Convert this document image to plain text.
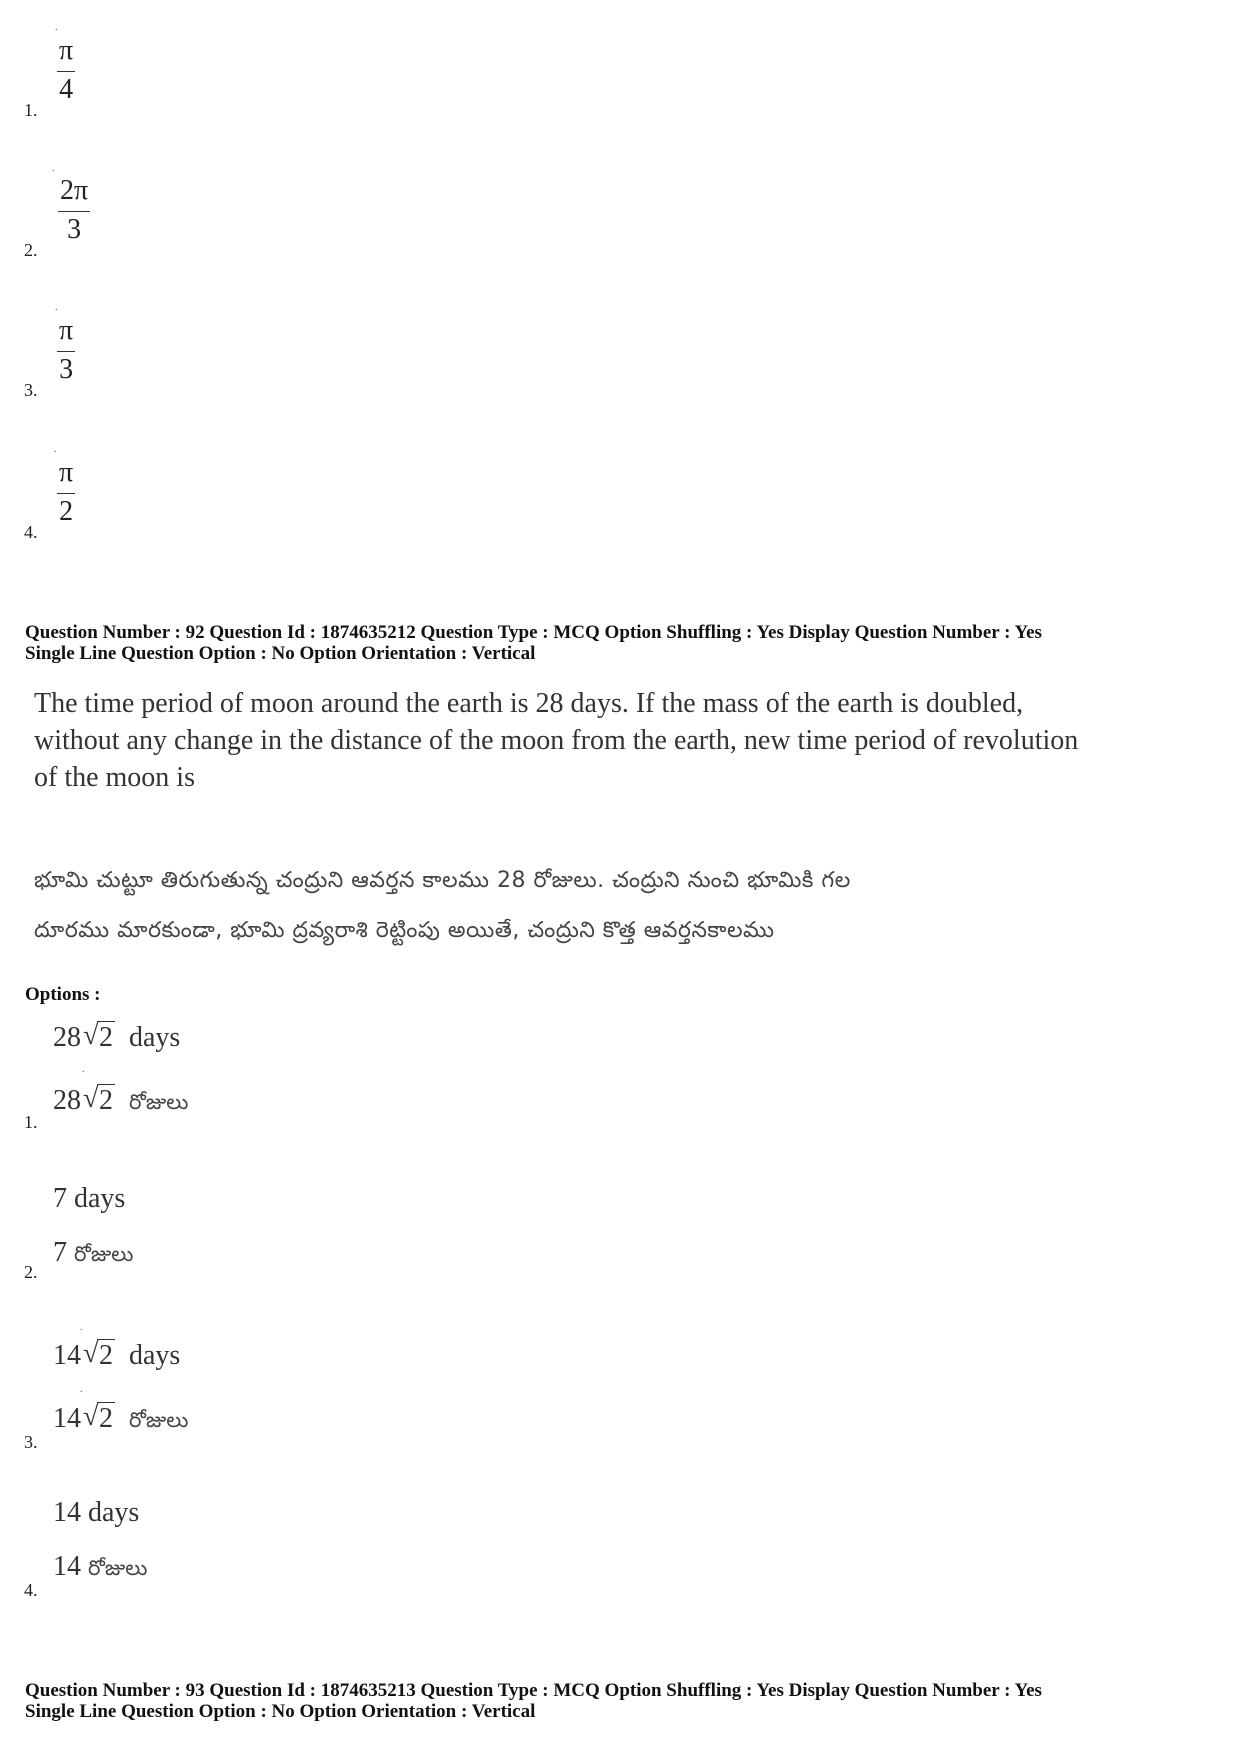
.
π
4
1.
.
2π
3
2.
.
π
3
3.
.
π
2
4.
Question Number : 92 Question Id : 1874635212 Question Type : MCQ Option Shuffling : Yes Display Question Number : Yes
Single Line Question Option : No Option Orientation : Vertical
The time period of moon around the earth is 28 days. If the mass of the earth is doubled,
without any change in the distance of the moon from the earth, new time period of revolution
of the moon is
భూమి చుట్టూ తిరుగుతున్న చంద్రుని ఆవర్తన కాలము 28 రోజులు. చంద్రుని నుంచి భూమికి గల
దూరము మారకుండా, భూమి ద్రవ్యరాశి రెట్టింపు అయితే, చంద్రుని కొత్త ఆవర్తనకాలము
Options :
28 √ 2 days
.
28 √ 2 రోజులు
1.
7 days
7 రోజులు
2.
.
14 √ 2 days
.
14 √ 2 రోజులు
3.
14 days
14 రోజులు
4.
Question Number : 93 Question Id : 1874635213 Question Type : MCQ Option Shuffling : Yes Display Question Number : Yes
Single Line Question Option : No Option Orientation : Vertical
